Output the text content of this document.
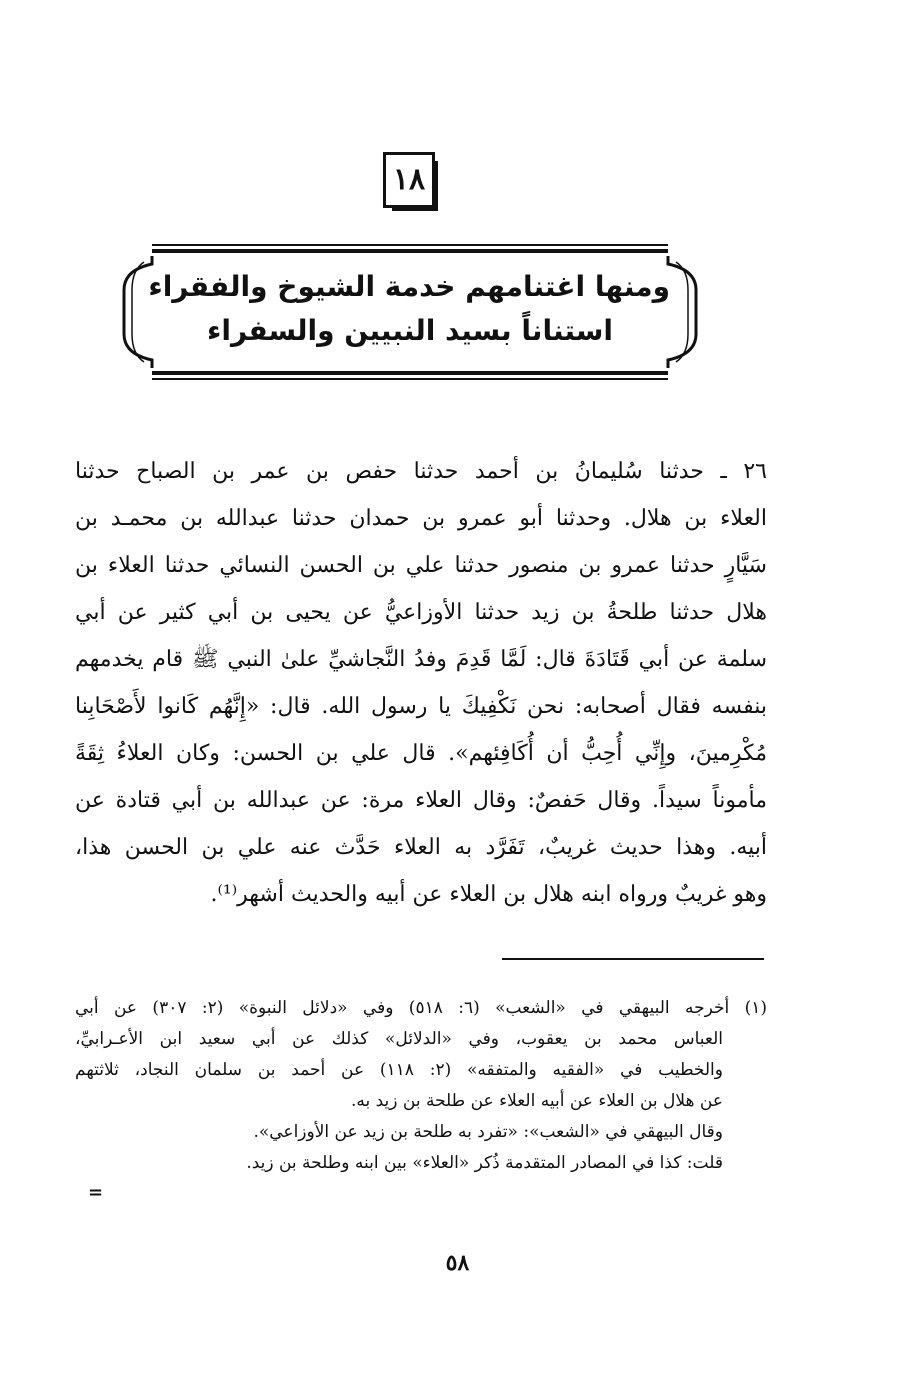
١٨
ومنها اغتنامهم خدمة الشيوخ والفقراء
استناناً بسيد النبيين والسفراء
٢٦ ـ حدثنا سُليمانُ بن أحمد حدثنا حفص بن عمر بن الصباح حدثنا
العلاء بن هلال. وحدثنا أبو عمرو بن حمدان حدثنا عبدالله بن محمـد بن
سَيَّارٍ حدثنا عمرو بن منصور حدثنا علي بن الحسن النسائي حدثنا العلاء بن
هلال حدثنا طلحةُ بن زيد حدثنا الأوزاعيُّ عن يحيى بن أبي كثير عن أبي
سلمة عن أبي قَتَادَةَ قال: لَمَّا قَدِمَ وفدُ النَّجاشيِّ علىٰ النبي ﷺ قام يخدمهم
بنفسه فقال أصحابه: نحن نَكْفِيكَ يا رسول الله. قال: «إِنَّهُم كَانوا لأَصْحَابِنا
مُكْرِمينَ، وإِنِّي أُحِبُّ أن أُكَافِئهم». قال علي بن الحسن: وكان العلاءُ ثِقَةً
مأموناً سيداً. وقال حَفصٌ: وقال العلاء مرة: عن عبدالله بن أبي قتادة عن
أبيه. وهذا حديث غريبٌ، تَفَرَّد به العلاء حَدَّث عنه علي بن الحسن هذا،
وهو غريبٌ ورواه ابنه هلال بن العلاء عن أبيه والحديث أشهر⁽¹⁾.
(١) أخرجه البيهقي في «الشعب» (٦: ٥١٨) وفي «دلائل النبوة» (٢: ٣٠٧) عن أبي
العباس محمد بن يعقوب، وفي «الدلائل» كذلك عن أبي سعيد ابن الأعـرابيِّ،
والخطيب في «الفقيه والمتفقه» (٢: ١١٨) عن أحمد بن سلمان النجاد، ثلاثتهم
عن هلال بن العلاء عن أبيه العلاء عن طلحة بن زيد به.
وقال البيهقي في «الشعب»: «تفرد به طلحة بن زيد عن الأوزاعي».
قلت: كذا في المصادر المتقدمة ذُكر «العلاء» بين ابنه وطلحة بن زيد.
=
٥٨
